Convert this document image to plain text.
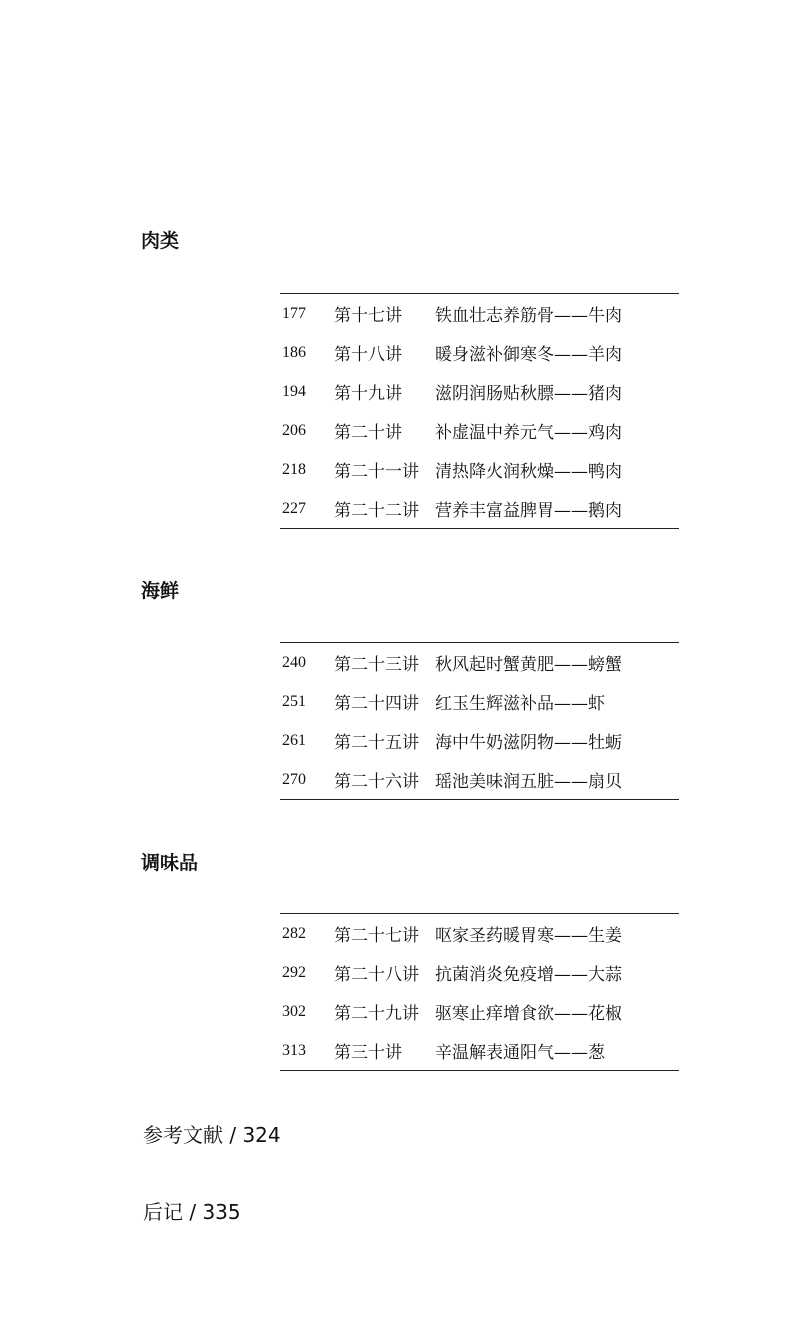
肉类
177	第十七讲	铁血壮志养筋骨——牛肉
186	第十八讲	暖身滋补御寒冬——羊肉
194	第十九讲	滋阴润肠贴秋膘——猪肉
206	第二十讲	补虚温中养元气——鸡肉
218	第二十一讲 清热降火润秋燥——鸭肉
227	第二十二讲 营养丰富益脾胃——鹅肉
海鲜
240	第二十三讲 秋风起时蟹黄肥——螃蟹
251	第二十四讲 红玉生辉滋补品——虾
261	第二十五讲 海中牛奶滋阴物——牡蛎
270	第二十六讲 瑶池美味润五脏——扇贝
调味品
282	第二十七讲 呕家圣药暖胃寒——生姜
292	第二十八讲 抗菌消炎免疫增——大蒜
302	第二十九讲 驱寒止痒增食欲——花椒
313	第三十讲	辛温解表通阳气——葱
参考文献 / 324
后记 / 335
